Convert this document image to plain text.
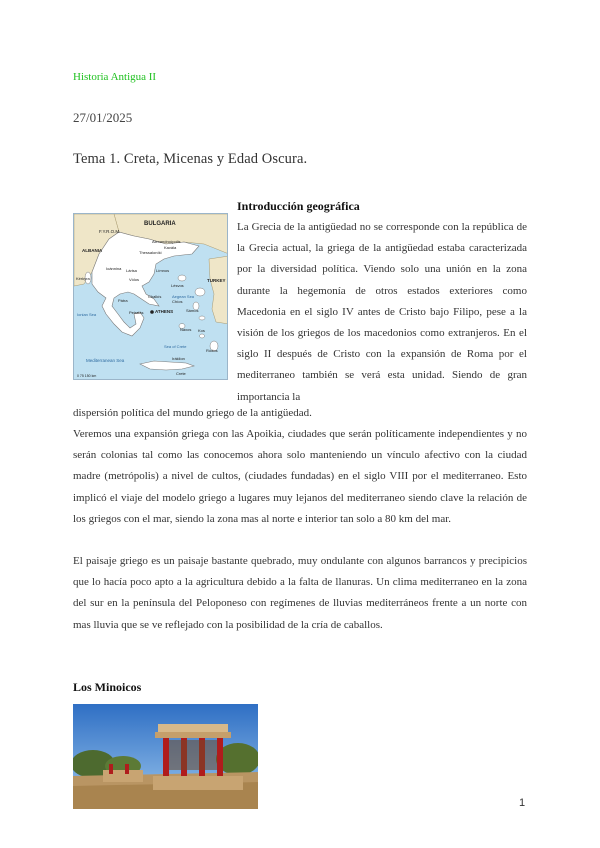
Historia Antigua II
27/01/2025
Tema 1. Creta, Micenas y Edad Oscura.
Introducción geográfica
BULGARIA
F.Y.R.O.M.
ALBANIA
TURKEY
Alexandroúpolis
Thessaloníki
Kavála
Ioánnina Lárisa
Vólos
Límnos
Lésvos
Kérkyra
Aegean Sea
Ionian Sea
Pátra
Chalkís
Chíos
ATHENS
Peiraiás	Sámos
Náxos Kos
Ródos
Sea of Crete
Mediterranean Sea	Iráklion
Crete
0 75 150 km
La Grecia de la antigüedad no se corresponde con la república de la Grecia actual, la griega de la antigüedad estaba caracterizada por la diversidad política. Viendo solo una unión en la zona durante la hegemonía de otros estados exteriores como Macedonia en el siglo IV antes de Cristo bajo Filipo, pese a la visión de los griegos de los macedonios como extranjeros. En el siglo II después de Cristo con la expansión de Roma por el mediterraneo también se verá esta unidad. Siendo de gran importancia la
dispersión política del mundo griego de la antigüedad.
Veremos una expansión griega con las Apoikia, ciudades que serán políticamente independientes y no serán colonias tal como las conocemos ahora solo manteniendo un vínculo afectivo con la ciudad madre (metrópolis) a nivel de cultos, (ciudades fundadas) en el siglo VIII por el mediterraneo. Esto implicó el viaje del modelo griego a lugares muy lejanos del mediterraneo siendo clave la relación de los griegos con el mar, siendo la zona mas al norte e interior tan solo a 80 km del mar.
El paisaje griego es un paisaje bastante quebrado, muy ondulante con algunos barrancos y precipicios que lo hacía poco apto a la agricultura debido a la falta de llanuras. Un clima mediterraneo en la zona del sur en la península del Peloponeso con regímenes de lluvias mediterráneos frente a un norte con mas lluvia que se ve reflejado con la posibilidad de la cría de caballos.
Los Minoicos
1
